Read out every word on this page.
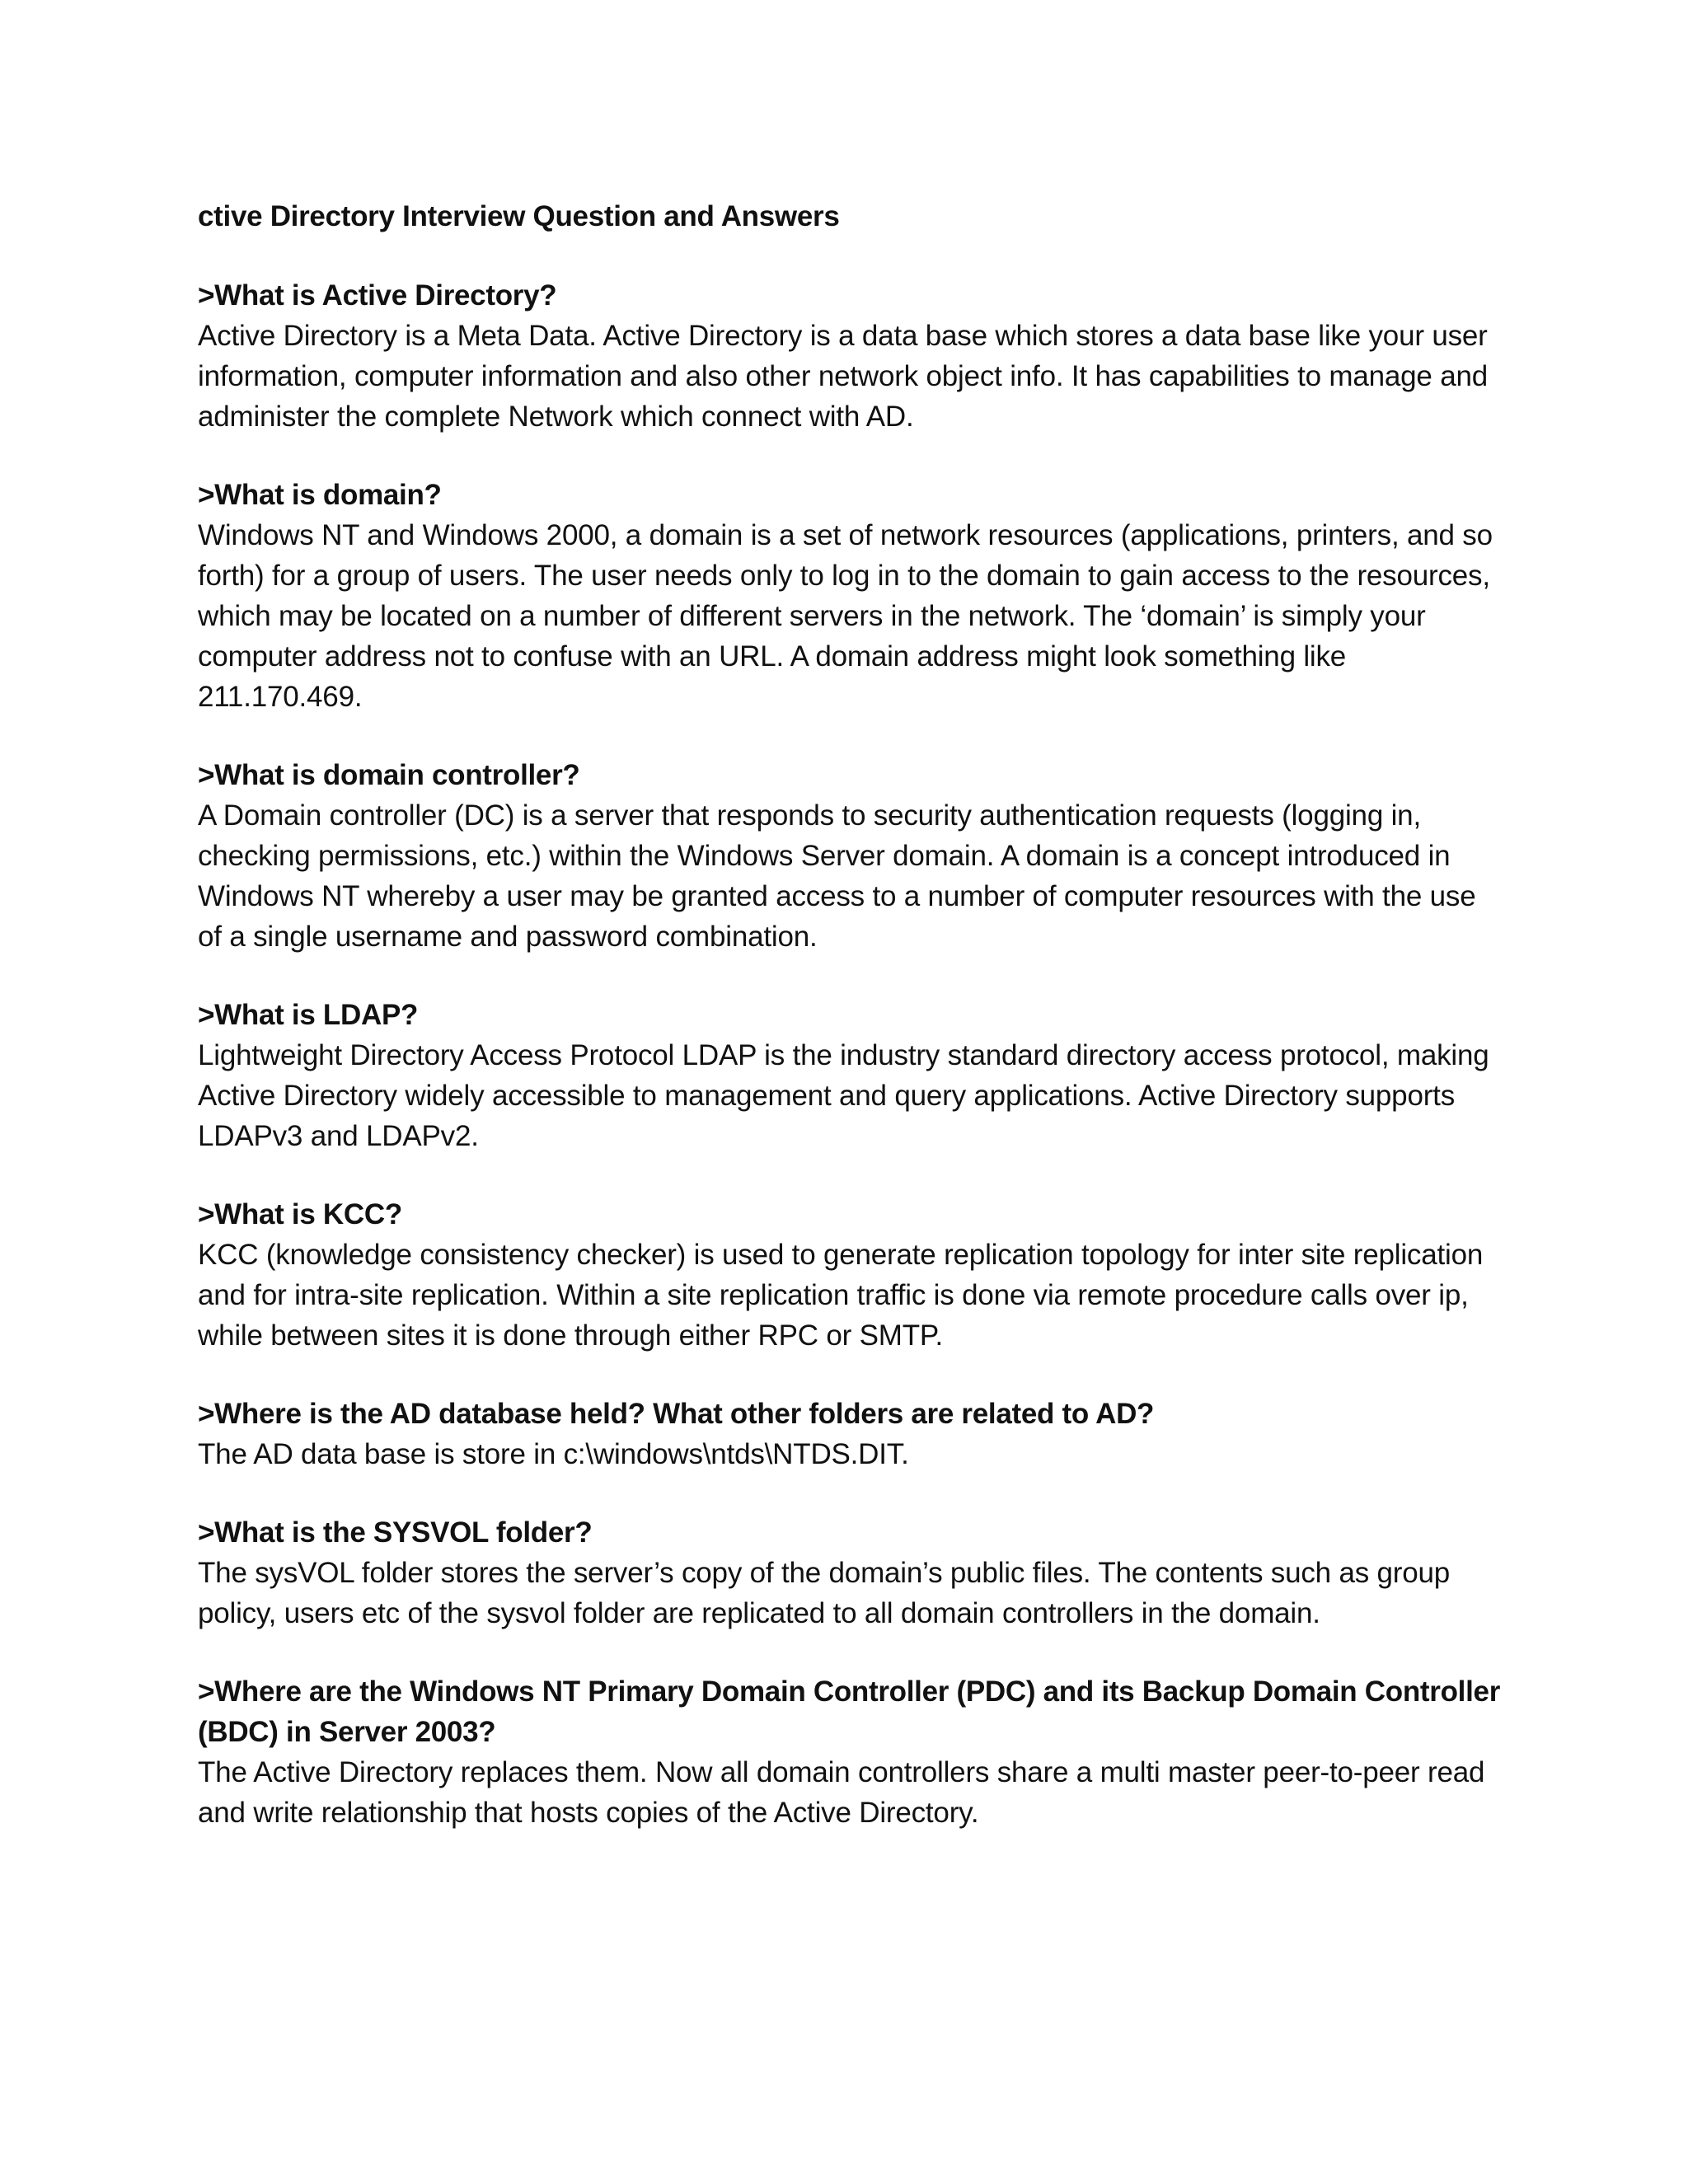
ctive Directory Interview Question and Answers
>What is Active Directory?
Active Directory is a Meta Data. Active Directory is a data base which stores a data base like your user information, computer information and also other network object info. It has capabilities to manage and administer the complete Network which connect with AD.
>What is domain?
Windows NT and Windows 2000, a domain is a set of network resources (applications, printers, and so forth) for a group of users. The user needs only to log in to the domain to gain access to the resources, which may be located on a number of different servers in the network. The ‘domain’ is simply your computer address not to confuse with an URL. A domain address might look something like 211.170.469.
>What is domain controller?
A Domain controller (DC) is a server that responds to security authentication requests (logging in, checking permissions, etc.) within the Windows Server domain. A domain is a concept introduced in Windows NT whereby a user may be granted access to a number of computer resources with the use of a single username and password combination.
>What is LDAP?
Lightweight Directory Access Protocol LDAP is the industry standard directory access protocol, making Active Directory widely accessible to management and query applications. Active Directory supports LDAPv3 and LDAPv2.
>What is KCC?
KCC (knowledge consistency checker) is used to generate replication topology for inter site replication and for intra-site replication. Within a site replication traffic is done via remote procedure calls over ip, while between sites it is done through either RPC or SMTP.
>Where is the AD database held? What other folders are related to AD?
The AD data base is store in c:\windows\ntds\NTDS.DIT.
>What is the SYSVOL folder?
The sysVOL folder stores the server’s copy of the domain’s public files. The contents such as group policy, users etc of the sysvol folder are replicated to all domain controllers in the domain.
>Where are the Windows NT Primary Domain Controller (PDC) and its Backup Domain Controller (BDC) in Server 2003?
The Active Directory replaces them. Now all domain controllers share a multi master peer-to-peer read and write relationship that hosts copies of the Active Directory.
